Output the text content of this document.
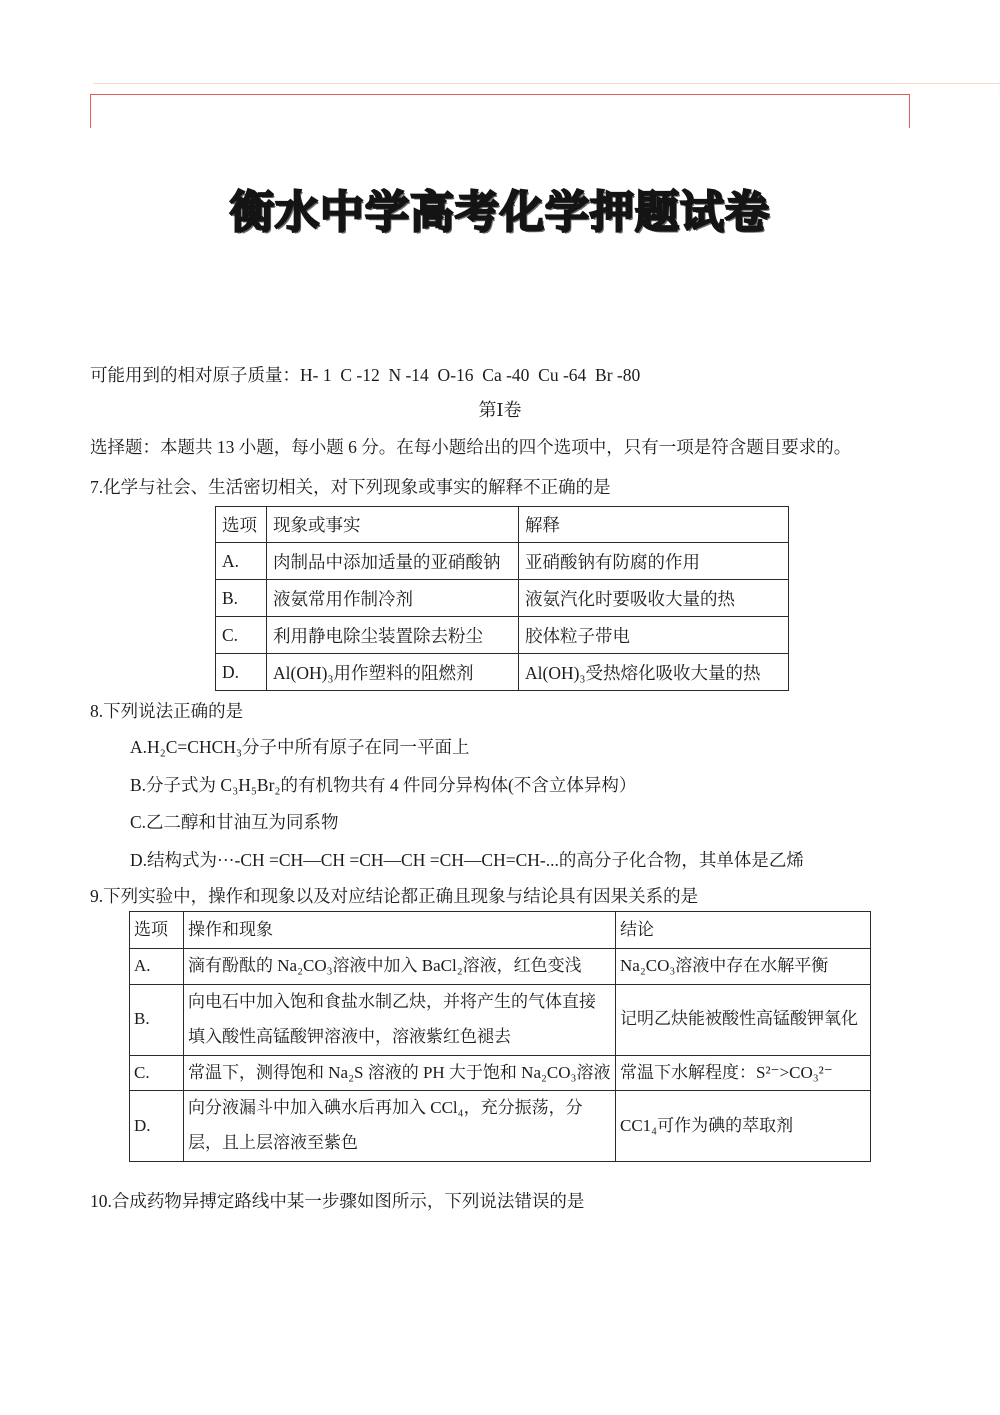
衡水中学高考化学押题试卷
可能用到的相对原子质量：H- 1  C -12  N -14  O-16  Ca -40  Cu -64  Br -80
第Ⅰ卷
选择题：本题共 13 小题，每小题 6 分。在每小题给出的四个选项中，只有一项是符含题目要求的。
7.化学与社会、生活密切相关，对下列现象或事实的解释不正确的是
选项	现象或事实	解释
A.	肉制品中添加适量的亚硝酸钠	亚硝酸钠有防腐的作用
B.	液氨常用作制冷剂	液氨汽化时要吸收大量的热
C.	利用静电除尘装置除去粉尘	胶体粒子带电
D.	Al(OH)₃用作塑料的阻燃剂	Al(OH)₃受热熔化吸收大量的热
8.下列说法正确的是
A.H₂C=CHCH₃分子中所有原子在同一平面上
B.分子式为 C₃H₅Br₂的有机物共有 4 件同分异构体(不含立体异构）
C.乙二醇和甘油互为同系物
D.结构式为···-CH =CH—CH =CH—CH =CH—CH=CH-...的高分子化合物，其单体是乙烯
9.下列实验中，操作和现象以及对应结论都正确且现象与结论具有因果关系的是
选项	操作和现象	结论
A.	滴有酚酞的 Na₂CO₃溶液中加入 BaCl₂溶液，红色变浅	Na₂CO₃溶液中存在水解平衡
B.	向电石中加入饱和食盐水制乙炔，并将产生的气体直接填入酸性高锰酸钾溶液中，溶液紫红色褪去	记明乙炔能被酸性高锰酸钾氧化
C.	常温下，测得饱和 Na₂S 溶液的 PH 大于饱和 Na₂CO₃溶液	常温下水解程度：S²⁻>CO₃²⁻
D.	向分液漏斗中加入碘水后再加入 CCl₄，充分振荡，分层，且上层溶液至紫色	CC1₄可作为碘的萃取剂
10.合成药物异搏定路线中某一步骤如图所示，下列说法错误的是
